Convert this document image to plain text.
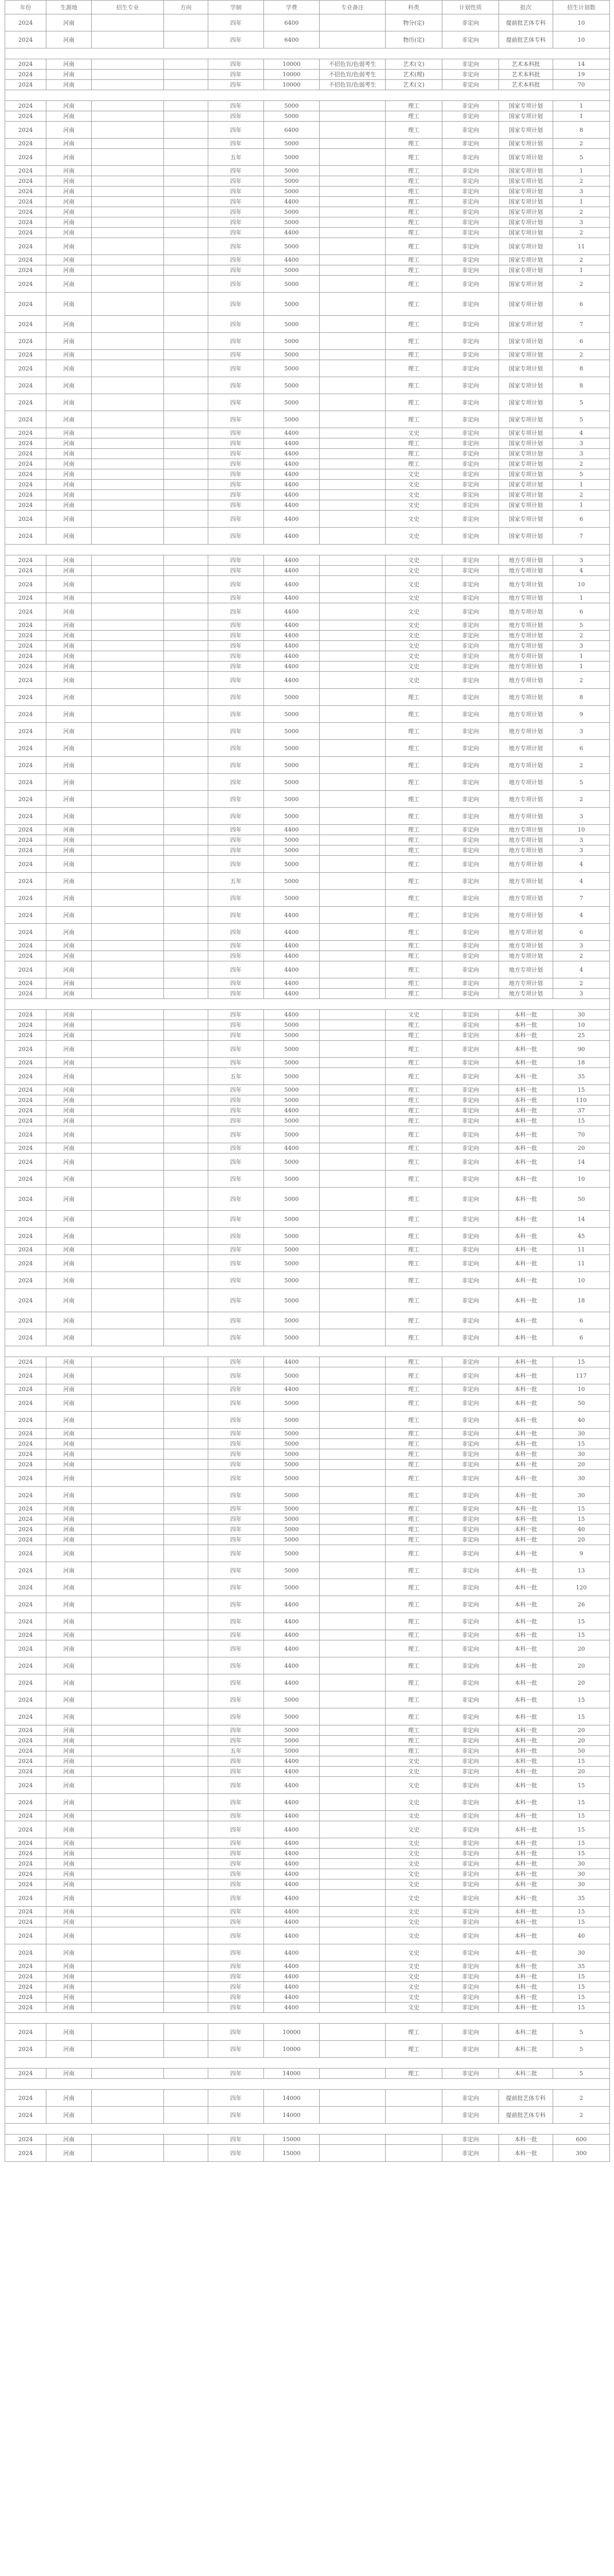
年份	生源地	招生专业	方向	学制	学费	专业备注	科类	计划性质	批次	招生计划数
2024	河南			四年	6400		物分(定)	非定向	提前批艺体专科	10
2024	河南			四年	6400		物历(定)	非定向	提前批艺体专科	10

2024	河南			四年	10000	不招色盲/色弱考生	艺术(文)	非定向	艺术本科批	14
2024	河南			四年	10000	不招色盲/色弱考生	艺术(理)	非定向	艺术本科批	19
2024	河南			四年	10000	不招色盲/色弱考生	艺术(文)	非定向	艺术本科批	70

2024	河南			四年	5000		理工	非定向	国家专项计划	1
2024	河南			四年	5000		理工	非定向	国家专项计划	1
2024	河南			四年	6400		理工	非定向	国家专项计划	8
2024	河南			四年	5000		理工	非定向	国家专项计划	2
2024	河南			五年	5000		理工	非定向	国家专项计划	5
2024	河南			四年	5000		理工	非定向	国家专项计划	1
2024	河南			四年	5000		理工	非定向	国家专项计划	2
2024	河南			四年	5000		理工	非定向	国家专项计划	3
2024	河南			四年	4400		理工	非定向	国家专项计划	1
2024	河南			四年	5000		理工	非定向	国家专项计划	2
2024	河南			四年	5000		理工	非定向	国家专项计划	3
2024	河南			四年	4400		理工	非定向	国家专项计划	2
2024	河南			四年	5000		理工	非定向	国家专项计划	11
2024	河南			四年	4400		理工	非定向	国家专项计划	2
2024	河南			四年	5000		理工	非定向	国家专项计划	1
2024	河南			四年	5000		理工	非定向	国家专项计划	2
2024	河南			四年	5000		理工	非定向	国家专项计划	6
2024	河南			四年	5000		理工	非定向	国家专项计划	7
2024	河南			四年	5000		理工	非定向	国家专项计划	6
2024	河南			四年	5000		理工	非定向	国家专项计划	2
2024	河南			四年	5000		理工	非定向	国家专项计划	8
2024	河南			四年	5000		理工	非定向	国家专项计划	8
2024	河南			四年	5000		理工	非定向	国家专项计划	5
2024	河南			四年	5000		理工	非定向	国家专项计划	5
2024	河南			四年	4400		文史	非定向	国家专项计划	4
2024	河南			四年	4400		理工	非定向	国家专项计划	3
2024	河南			四年	4400		理工	非定向	国家专项计划	3
2024	河南			四年	4400		理工	非定向	国家专项计划	2
2024	河南			四年	4400		文史	非定向	国家专项计划	5
2024	河南			四年	4400		文史	非定向	国家专项计划	1
2024	河南			四年	4400		文史	非定向	国家专项计划	2
2024	河南			四年	4400		文史	非定向	国家专项计划	1
2024	河南			四年	4400		文史	非定向	国家专项计划	6
2024	河南			四年	4400		文史	非定向	国家专项计划	7

2024	河南			四年	4400		文史	非定向	地方专项计划	3
2024	河南			四年	4400		文史	非定向	地方专项计划	4
2024	河南			四年	4400		文史	非定向	地方专项计划	10
2024	河南			四年	4400		文史	非定向	地方专项计划	1
2024	河南			四年	4400		文史	非定向	地方专项计划	6
2024	河南			四年	4400		文史	非定向	地方专项计划	5
2024	河南			四年	4400		文史	非定向	地方专项计划	2
2024	河南			四年	4400		文史	非定向	地方专项计划	3
2024	河南			四年	4400		文史	非定向	地方专项计划	1
2024	河南			四年	4400		文史	非定向	地方专项计划	1
2024	河南			四年	4400		文史	非定向	地方专项计划	2
2024	河南			四年	5000		理工	非定向	地方专项计划	8
2024	河南			四年	5000		理工	非定向	地方专项计划	9
2024	河南			四年	5000		理工	非定向	地方专项计划	3
2024	河南			四年	5000		理工	非定向	地方专项计划	6
2024	河南			四年	5000		理工	非定向	地方专项计划	2
2024	河南			四年	5000		理工	非定向	地方专项计划	5
2024	河南			四年	5000		理工	非定向	地方专项计划	2
2024	河南			四年	5000		理工	非定向	地方专项计划	3
2024	河南			四年	4400		理工	非定向	地方专项计划	10
2024	河南			四年	5000		理工	非定向	地方专项计划	3
2024	河南			四年	5000		理工	非定向	地方专项计划	3
2024	河南			四年	5000		理工	非定向	地方专项计划	4
2024	河南			五年	5000		理工	非定向	地方专项计划	4
2024	河南			四年	5000		理工	非定向	地方专项计划	7
2024	河南			四年	4400		理工	非定向	地方专项计划	4
2024	河南			四年	4400		理工	非定向	地方专项计划	6
2024	河南			四年	4400		理工	非定向	地方专项计划	3
2024	河南			四年	4400		理工	非定向	地方专项计划	2
2024	河南			四年	4400		理工	非定向	地方专项计划	4
2024	河南			四年	4400		理工	非定向	地方专项计划	2
2024	河南			四年	4400		理工	非定向	地方专项计划	3

2024	河南			四年	4400		文史	非定向	本科一批	30
2024	河南			四年	5000		理工	非定向	本科一批	10
2024	河南			四年	5000		理工	非定向	本科一批	25
2024	河南			四年	5000		理工	非定向	本科一批	90
2024	河南			四年	5000		理工	非定向	本科一批	18
2024	河南			五年	5000		理工	非定向	本科一批	35
2024	河南			四年	5000		理工	非定向	本科一批	15
2024	河南			四年	5000		理工	非定向	本科一批	110
2024	河南			四年	4400		理工	非定向	本科一批	37
2024	河南			四年	5000		理工	非定向	本科一批	15
2024	河南			四年	5000		理工	非定向	本科一批	70
2024	河南			四年	4400		理工	非定向	本科一批	20
2024	河南			四年	5000		理工	非定向	本科一批	14
2024	河南			四年	5000		理工	非定向	本科一批	10
2024	河南			四年	5000		理工	非定向	本科一批	50
2024	河南			四年	5000		理工	非定向	本科一批	14
2024	河南			四年	5000		理工	非定向	本科一批	45
2024	河南			四年	5000		理工	非定向	本科一批	11
2024	河南			四年	5000		理工	非定向	本科一批	11
2024	河南			四年	5000		理工	非定向	本科一批	10
2024	河南			四年	5000		理工	非定向	本科一批	18
2024	河南			四年	5000		理工	非定向	本科一批	6
2024	河南			四年	5000		理工	非定向	本科一批	6

2024	河南			四年	4400		理工	非定向	本科一批	15
2024	河南			四年	5000		理工	非定向	本科一批	117
2024	河南			四年	4400		理工	非定向	本科一批	10
2024	河南			四年	5000		理工	非定向	本科一批	50
2024	河南			四年	5000		理工	非定向	本科一批	40
2024	河南			四年	5000		理工	非定向	本科一批	30
2024	河南			四年	5000		理工	非定向	本科一批	15
2024	河南			四年	5000		理工	非定向	本科一批	30
2024	河南			四年	5000		理工	非定向	本科一批	20
2024	河南			四年	5000		理工	非定向	本科一批	30
2024	河南			四年	5000		理工	非定向	本科一批	30
2024	河南			四年	5000		理工	非定向	本科一批	15
2024	河南			四年	5000		理工	非定向	本科一批	15
2024	河南			四年	5000		理工	非定向	本科一批	40
2024	河南			四年	5000		理工	非定向	本科一批	20
2024	河南			四年	5000		理工	非定向	本科一批	9
2024	河南			四年	5000		理工	非定向	本科一批	13
2024	河南			四年	5000		理工	非定向	本科一批	120
2024	河南			四年	4400		理工	非定向	本科一批	26
2024	河南			四年	4400		理工	非定向	本科一批	15
2024	河南			四年	4400		理工	非定向	本科一批	15
2024	河南			四年	4400		理工	非定向	本科一批	20
2024	河南			四年	4400		理工	非定向	本科一批	20
2024	河南			四年	4400		理工	非定向	本科一批	20
2024	河南			四年	5000		理工	非定向	本科一批	15
2024	河南			四年	5000		理工	非定向	本科一批	15
2024	河南			四年	5000		理工	非定向	本科一批	20
2024	河南			四年	5000		理工	非定向	本科一批	20
2024	河南			五年	5000		理工	非定向	本科一批	50
2024	河南			四年	4400		文史	非定向	本科一批	15
2024	河南			四年	4400		文史	非定向	本科一批	20
2024	河南			四年	4400		文史	非定向	本科一批	15
2024	河南			四年	4400		文史	非定向	本科一批	15
2024	河南			四年	4400		文史	非定向	本科一批	15
2024	河南			四年	4400		文史	非定向	本科一批	15
2024	河南			四年	4400		文史	非定向	本科一批	15
2024	河南			四年	4400		文史	非定向	本科一批	15
2024	河南			四年	4400		文史	非定向	本科一批	30
2024	河南			四年	4400		文史	非定向	本科一批	30
2024	河南			四年	4400		文史	非定向	本科一批	30
2024	河南			四年	4400		文史	非定向	本科一批	35
2024	河南			四年	4400		文史	非定向	本科一批	15
2024	河南			四年	4400		文史	非定向	本科一批	15
2024	河南			四年	4400		文史	非定向	本科一批	40
2024	河南			四年	4400		文史	非定向	本科一批	30
2024	河南			四年	4400		文史	非定向	本科一批	35
2024	河南			四年	4400		文史	非定向	本科一批	15
2024	河南			四年	4400		文史	非定向	本科一批	15
2024	河南			四年	4400		文史	非定向	本科一批	15
2024	河南			四年	4400		文史	非定向	本科一批	15

2024	河南			四年	10000		理工	非定向	本科二批	5
2024	河南			四年	10000		理工	非定向	本科二批	5

2024	河南			四年	14000		理工	非定向	本科二批	5

2024	河南			四年	14000			非定向	提前批艺体专科	2
2024	河南			四年	14000			非定向	提前批艺体专科	2

2024	河南			四年	15000			非定向	本科一批	600
2024	河南			四年	15000			非定向	本科一批	300
